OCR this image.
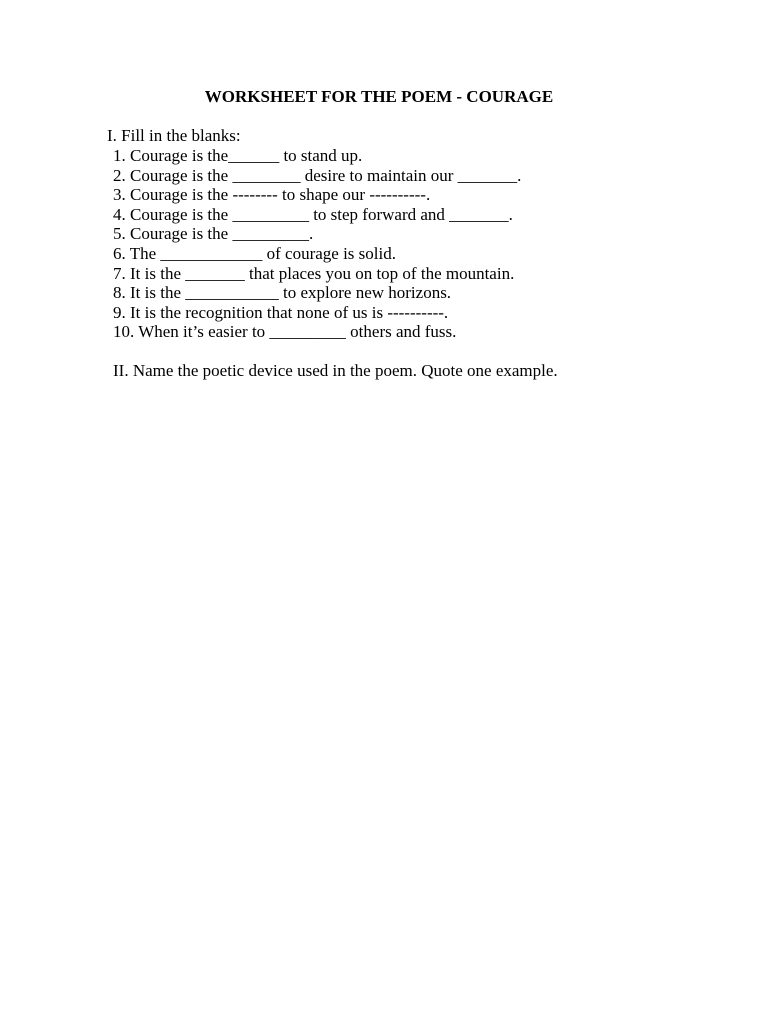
WORKSHEET FOR THE POEM - COURAGE

I. Fill in the blanks:

1. Courage is the______ to stand up.
2. Courage is the ________ desire to maintain our _______.
3. Courage is the -------- to shape our ----------.
4. Courage is the _________ to step forward and _______.
5. Courage is the _________.
6. The ____________ of courage is solid.
7. It is the _______ that places you on top of the mountain.
8. It is the ___________ to explore new horizons.
9. It is the recognition that none of us is ----------.
10. When it’s easier to _________ others and fuss.

II. Name the poetic device used in the poem. Quote one example.
